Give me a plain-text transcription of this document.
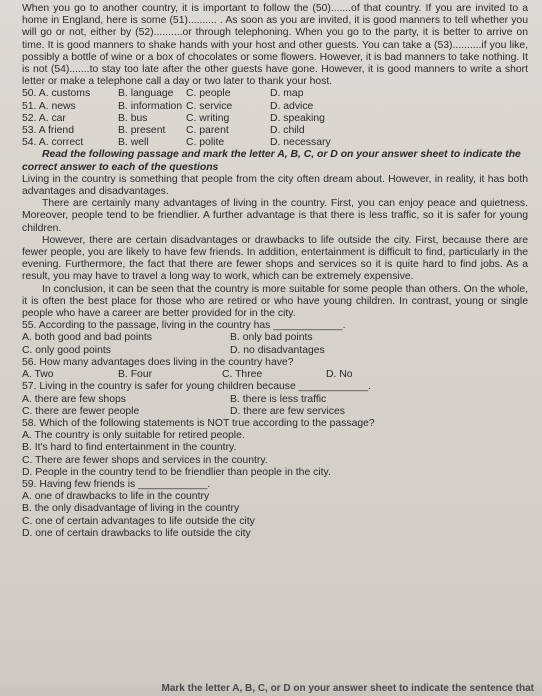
When you go to another country, it is important to follow the (50).......of that country. If you are invited to a home in England, here is some (51).......... . As soon as you are invited, it is good manners to tell whether you will go or not, either by (52)..........or through telephoning. When you go to the party, it is better to arrive on time. It is good manners to shake hands with your host and other guests. You can take a (53)..........if you like, possibly a bottle of wine or a box of chocolates or some flowers. However, it is bad manners to take nothing. It is not (54).......to stay too late after the other guests have gone. However, it is good manners to write a short letter or make a telephone call a day or two later to thank your host.

50. A. customs	B. language	C. people	D. map
51. A. news	B. information C. service	D. advice
52. A. car	B. bus	C. writing	D. speaking
53. A friend	B. present	C. parent	D. child
54. A. correct	B. well	C. polite	D. necessary

Read the following passage and mark the letter A, B, C, or D on your answer sheet to indicate the correct answer to each of the questions

Living in the country is something that people from the city often dream about. However, in reality, it has both advantages and disadvantages.

There are certainly many advantages of living in the country. First, you can enjoy peace and quietness. Moreover, people tend to be friendlier. A further advantage is that there is less traffic, so it is safer for young children.

However, there are certain disadvantages or drawbacks to life outside the city. First, because there are fewer people, you are likely to have few friends. In addition, entertainment is difficult to find, particularly in the evening. Furthermore, the fact that there are fewer shops and services so it is quite hard to find jobs. As a result, you may have to travel a long way to work, which can be extremely expensive.

In conclusion, it can be seen that the country is more suitable for some people than others. On the whole, it is often the best place for those who are retired or who have young children. In contrast, young or single people who have a career are better provided for in the city.

55. According to the passage, living in the country has ____________.

A. both good and bad points	B. only bad points
C. only good points	D. no disadvantages

56. How many advantages does living in the country have?

A. Two	B. Four	C. Three	D. No

57. Living in the country is safer for young children because ____________.

A. there are few shops	B. there is less traffic
C. there are fewer people	D. there are few services

58. Which of the following statements is NOT true according to the passage?

A. The country is only suitable for retired people.

B. It's hard to find entertainment in the country.

C. There are fewer shops and services in the country.

D. People in the country tend to be friendlier than people in the city.

59. Having few friends is ____________.

A. one of drawbacks to life in the country

B. the only disadvantage of living in the country

C. one of certain advantages to life outside the city

D. one of certain drawbacks to life outside the city

Mark the letter A, B, C, or D on your answer sheet to indicate the sentence that
